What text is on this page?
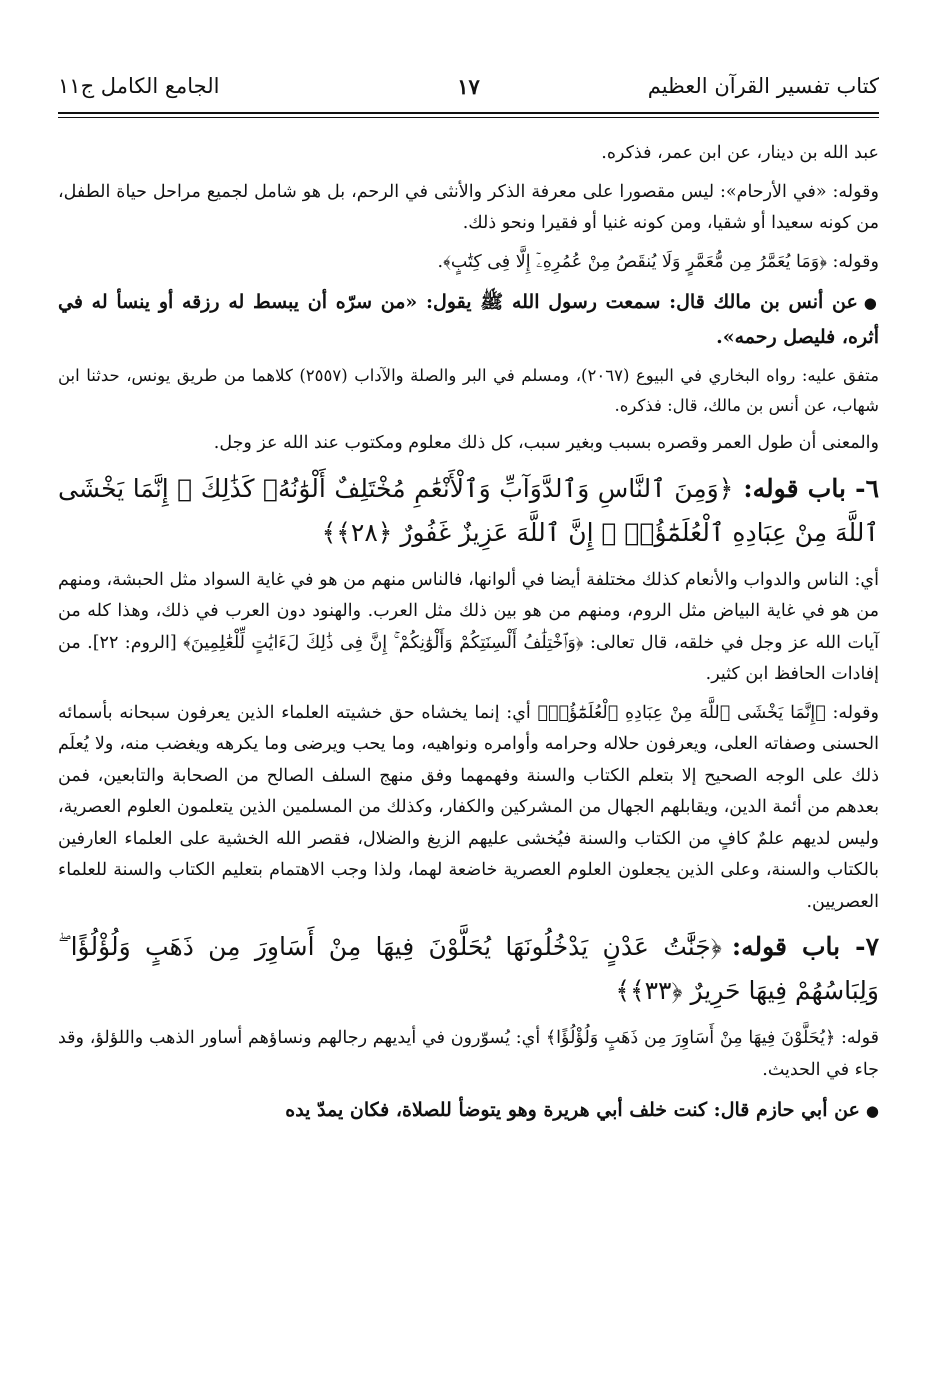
كتاب تفسير القرآن العظيم
١٧
الجامع الكامل ج١١

عبد الله بن دينار، عن ابن عمر، فذكره.

وقوله: «في الأرحام»: ليس مقصورا على معرفة الذكر والأنثى في الرحم، بل هو شامل لجميع مراحل حياة الطفل، من كونه سعيدا أو شقيا، ومن كونه غنيا أو فقيرا ونحو ذلك.

وقوله: ﴿وَمَا يُعَمَّرُ مِن مُّعَمَّرٍ وَلَا يُنقَصُ مِنْ عُمُرِهِۦٓ إِلَّا فِى كِتَٰبٍ﴾.

●عن أنس بن مالك قال: سمعت رسول الله ﷺ يقول: «من سرّه أن يبسط له رزقه أو ينسأ له في أثره، فليصل رحمه».

متفق عليه: رواه البخاري في البيوع (٢٠٦٧)، ومسلم في البر والصلة والآداب (٢٥٥٧) كلاهما من طريق يونس، حدثنا ابن شهاب، عن أنس بن مالك، قال: فذكره.

والمعنى أن طول العمر وقصره بسبب وبغير سبب، كل ذلك معلوم ومكتوب عند الله عز وجل.

٦- باب قوله:﴿وَمِنَ ٱلنَّاسِ وَٱلدَّوَآبِّ وَٱلْأَنْعَٰمِ مُخْتَلِفٌ أَلْوَٰنُهُۥ كَذَٰلِكَ ۗ إِنَّمَا يَخْشَى ٱللَّهَ مِنْ عِبَادِهِ ٱلْعُلَمَٰٓؤُا۟ ۗ إِنَّ ٱللَّهَ عَزِيزٌ غَفُورٌ ﴿٢٨﴾﴾

أي: الناس والدواب والأنعام كذلك مختلفة أيضا في ألوانها، فالناس منهم من هو في غاية السواد مثل الحبشة، ومنهم من هو في غاية البياض مثل الروم، ومنهم من هو بين ذلك مثل العرب. والهنود دون العرب في ذلك، وهذا كله من آيات الله عز وجل في خلقه، قال تعالى: ﴿وَٱخْتِلَٰفُ أَلْسِنَتِكُمْ وَأَلْوَٰنِكُمْ ۚ إِنَّ فِى ذَٰلِكَ لَءَايَٰتٍ لِّلْعَٰلِمِينَ﴾ [الروم: ٢٢]. من إفادات الحافظ ابن كثير.

وقوله: ﴿إِنَّمَا يَخْشَى ٱللَّهَ مِنْ عِبَادِهِ ٱلْعُلَمَٰٓؤُا۟﴾ أي: إنما يخشاه حق خشيته العلماء الذين يعرفون سبحانه بأسمائه الحسنى وصفاته العلى، ويعرفون حلاله وحرامه وأوامره ونواهيه، وما يحب ويرضى وما يكرهه ويغضب منه، ولا يُعلَم ذلك على الوجه الصحيح إلا بتعلم الكتاب والسنة وفهمهما وفق منهج السلف الصالح من الصحابة والتابعين، فمن بعدهم من أئمة الدين، ويقابلهم الجهال من المشركين والكفار، وكذلك من المسلمين الذين يتعلمون العلوم العصرية، وليس لديهم علمٌ كافٍ من الكتاب والسنة فيُخشى عليهم الزيغ والضلال، فقصر الله الخشية على العلماء العارفين بالكتاب والسنة، وعلى الذين يجعلون العلوم العصرية خاضعة لهما، ولذا وجب الاهتمام بتعليم الكتاب والسنة للعلماء العصريين.

٧- باب قوله:﴿جَنَّٰتُ عَدْنٍ يَدْخُلُونَهَا يُحَلَّوْنَ فِيهَا مِنْ أَسَاوِرَ مِن ذَهَبٍ وَلُؤْلُؤًا ۖ وَلِبَاسُهُمْ فِيهَا حَرِيرٌ ﴿٣٣﴾﴾

قوله: ﴿يُحَلَّوْنَ فِيهَا مِنْ أَسَاوِرَ مِن ذَهَبٍ وَلُؤْلُؤًا﴾ أي: يُسوّرون في أيديهم رجالهم ونساؤهم أساور الذهب واللؤلؤ، وقد جاء في الحديث.

●عن أبي حازم قال: كنت خلف أبي هريرة وهو يتوضأ للصلاة، فكان يمدّ يده
